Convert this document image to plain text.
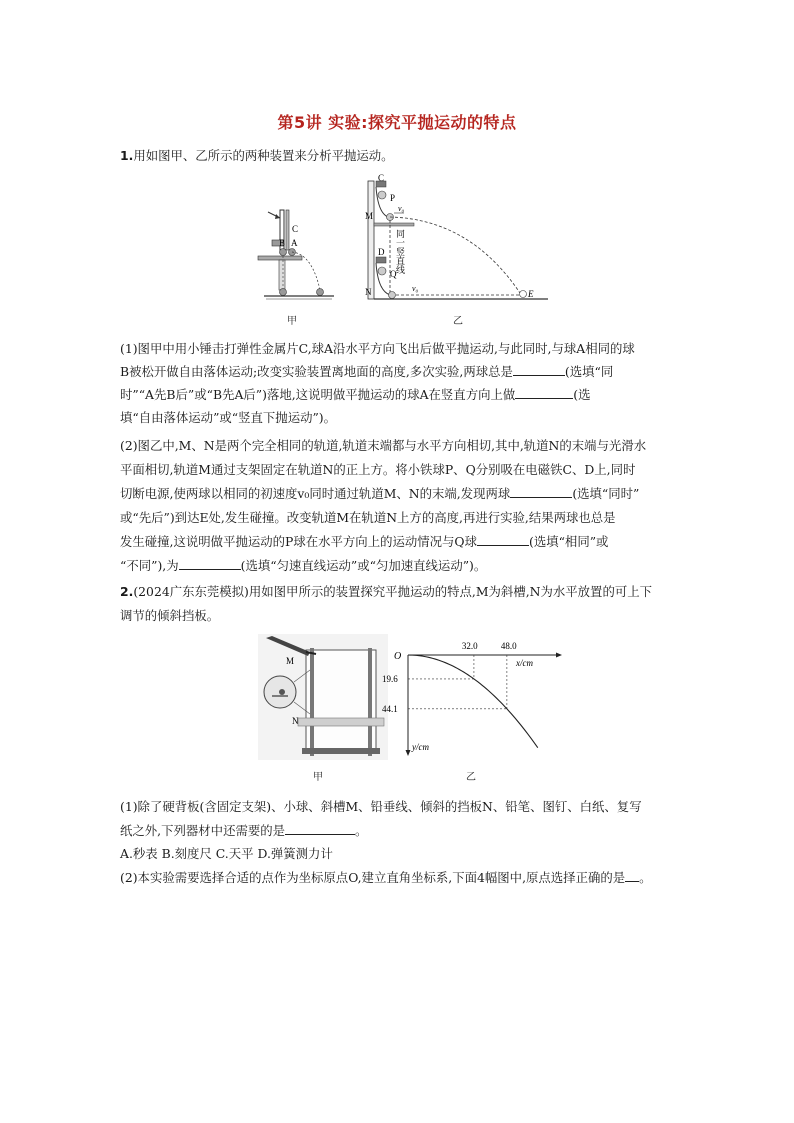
第5讲 实验:探究平抛运动的特点
1.用如图甲、乙所示的两种装置来分析平抛运动。
C
B A
甲
C
P
M
v₀
D
Q
N	v₀
E
同一竖直线
乙
(1)图甲中用小锤击打弹性金属片C,球A沿水平方向飞出后做平抛运动,与此同时,与球A相同的球
B被松开做自由落体运动;改变实验装置离地面的高度,多次实验,两球总是	(选填“同
时”“A先B后”或“B先A后”)落地,这说明做平抛运动的球A在竖直方向上做	(选
填“自由落体运动”或“竖直下抛运动”)。
(2)图乙中,M、N是两个完全相同的轨道,轨道末端都与水平方向相切,其中,轨道N的末端与光滑水
平面相切,轨道M通过支架固定在轨道N的正上方。将小铁球P、Q分别吸在电磁铁C、D上,同时
切断电源,使两球以相同的初速度v₀同时通过轨道M、N的末端,发现两球	(选填“同时”
或“先后”)到达E处,发生碰撞。改变轨道M在轨道N上方的高度,再进行实验,结果两球也总是
发生碰撞,这说明做平抛运动的P球在水平方向上的运动情况与Q球	(选填“相同”或
“不同”),为	(选填“匀速直线运动”或“匀加速直线运动”)。
2.(2024广东东莞模拟)用如图甲所示的装置探究平抛运动的特点,M为斜槽,N为水平放置的可上下
调节的倾斜挡板。
M
N
甲
O
32.0	48.0
x/cm
19.6
44.1
y/cm
乙
(1)除了硬背板(含固定支架)、小球、斜槽M、铅垂线、倾斜的挡板N、铅笔、图钉、白纸、复写
纸之外,下列器材中还需要的是	。
A.秒表 B.刻度尺 C.天平 D.弹簧测力计
(2)本实验需要选择合适的点作为坐标原点O,建立直角坐标系,下面4幅图中,原点选择正确的是 。
